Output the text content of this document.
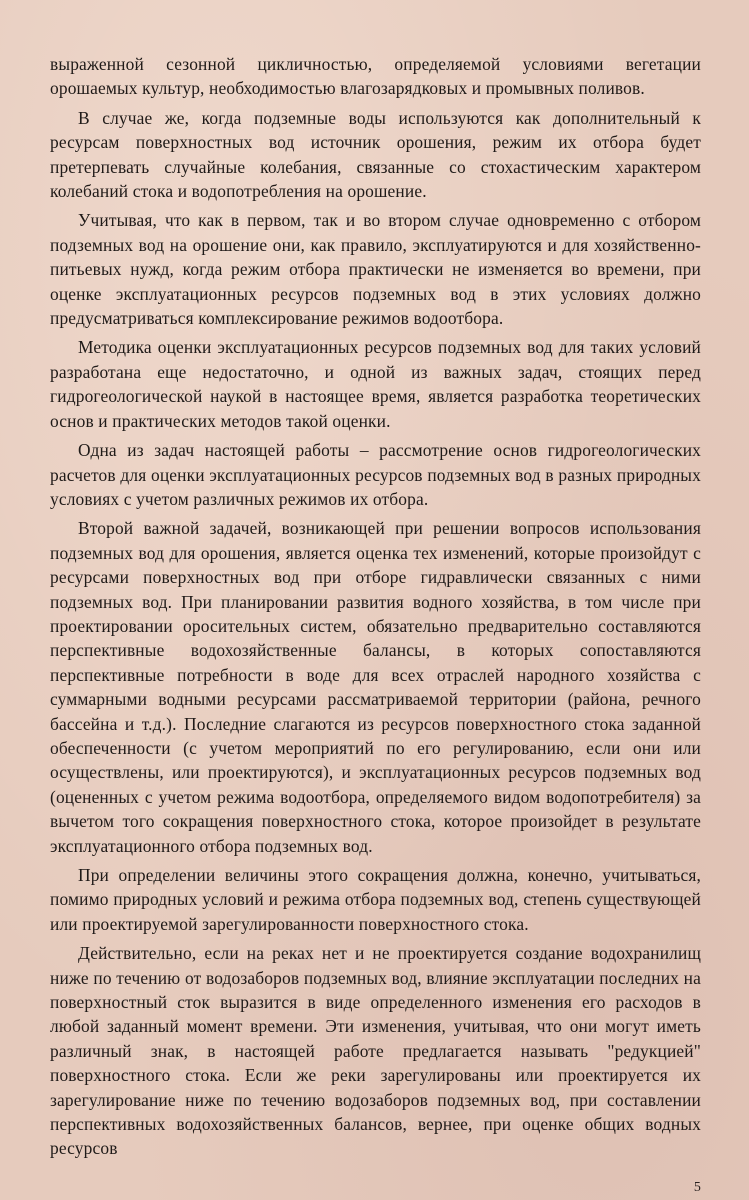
выраженной сезонной цикличностью, определяемой условиями вегетации орошаемых культур, необходимостью влагозарядковых и промывных поливов.

В случае же, когда подземные воды используются как дополнительный к ресурсам поверхностных вод источник орошения, режим их отбора будет претерпевать случайные колебания, связанные со стохастическим характером колебаний стока и водопотребления на орошение.

Учитывая, что как в первом, так и во втором случае одновременно с отбором подземных вод на орошение они, как правило, эксплуатируются и для хозяйственно-питьевых нужд, когда режим отбора практически не изменяется во времени, при оценке эксплуатационных ресурсов подземных вод в этих условиях должно предусматриваться комплексирование режимов водоотбора.

Методика оценки эксплуатационных ресурсов подземных вод для таких условий разработана еще недостаточно, и одной из важных задач, стоящих перед гидрогеологической наукой в настоящее время, является разработка теоретических основ и практических методов такой оценки.

Одна из задач настоящей работы – рассмотрение основ гидрогеологических расчетов для оценки эксплуатационных ресурсов подземных вод в разных природных условиях с учетом различных режимов их отбора.

Второй важной задачей, возникающей при решении вопросов использования подземных вод для орошения, является оценка тех изменений, которые произойдут с ресурсами поверхностных вод при отборе гидравлически связанных с ними подземных вод. При планировании развития водного хозяйства, в том числе при проектировании оросительных систем, обязательно предварительно составляются перспективные водохозяйственные балансы, в которых сопоставляются перспективные потребности в воде для всех отраслей народного хозяйства с суммарными водными ресурсами рассматриваемой территории (района, речного бассейна и т.д.). Последние слагаются из ресурсов поверхностного стока заданной обеспеченности (с учетом мероприятий по его регулированию, если они или осуществлены, или проектируются), и эксплуатационных ресурсов подземных вод (оцененных с учетом режима водоотбора, определяемого видом водопотребителя) за вычетом того сокращения поверхностного стока, которое произойдет в результате эксплуатационного отбора подземных вод.

При определении величины этого сокращения должна, конечно, учитываться, помимо природных условий и режима отбора подземных вод, степень существующей или проектируемой зарегулированности поверхностного стока.

Действительно, если на реках нет и не проектируется создание водохранилищ ниже по течению от водозаборов подземных вод, влияние эксплуатации последних на поверхностный сток выразится в виде определенного изменения его расходов в любой заданный момент времени. Эти изменения, учитывая, что они могут иметь различный знак, в настоящей работе предлагается называть "редукцией" поверхностного стока. Если же реки зарегулированы или проектируется их зарегулирование ниже по течению водозаборов подземных вод, при составлении перспективных водохозяйственных балансов, вернее, при оценке общих водных ресурсов

5
